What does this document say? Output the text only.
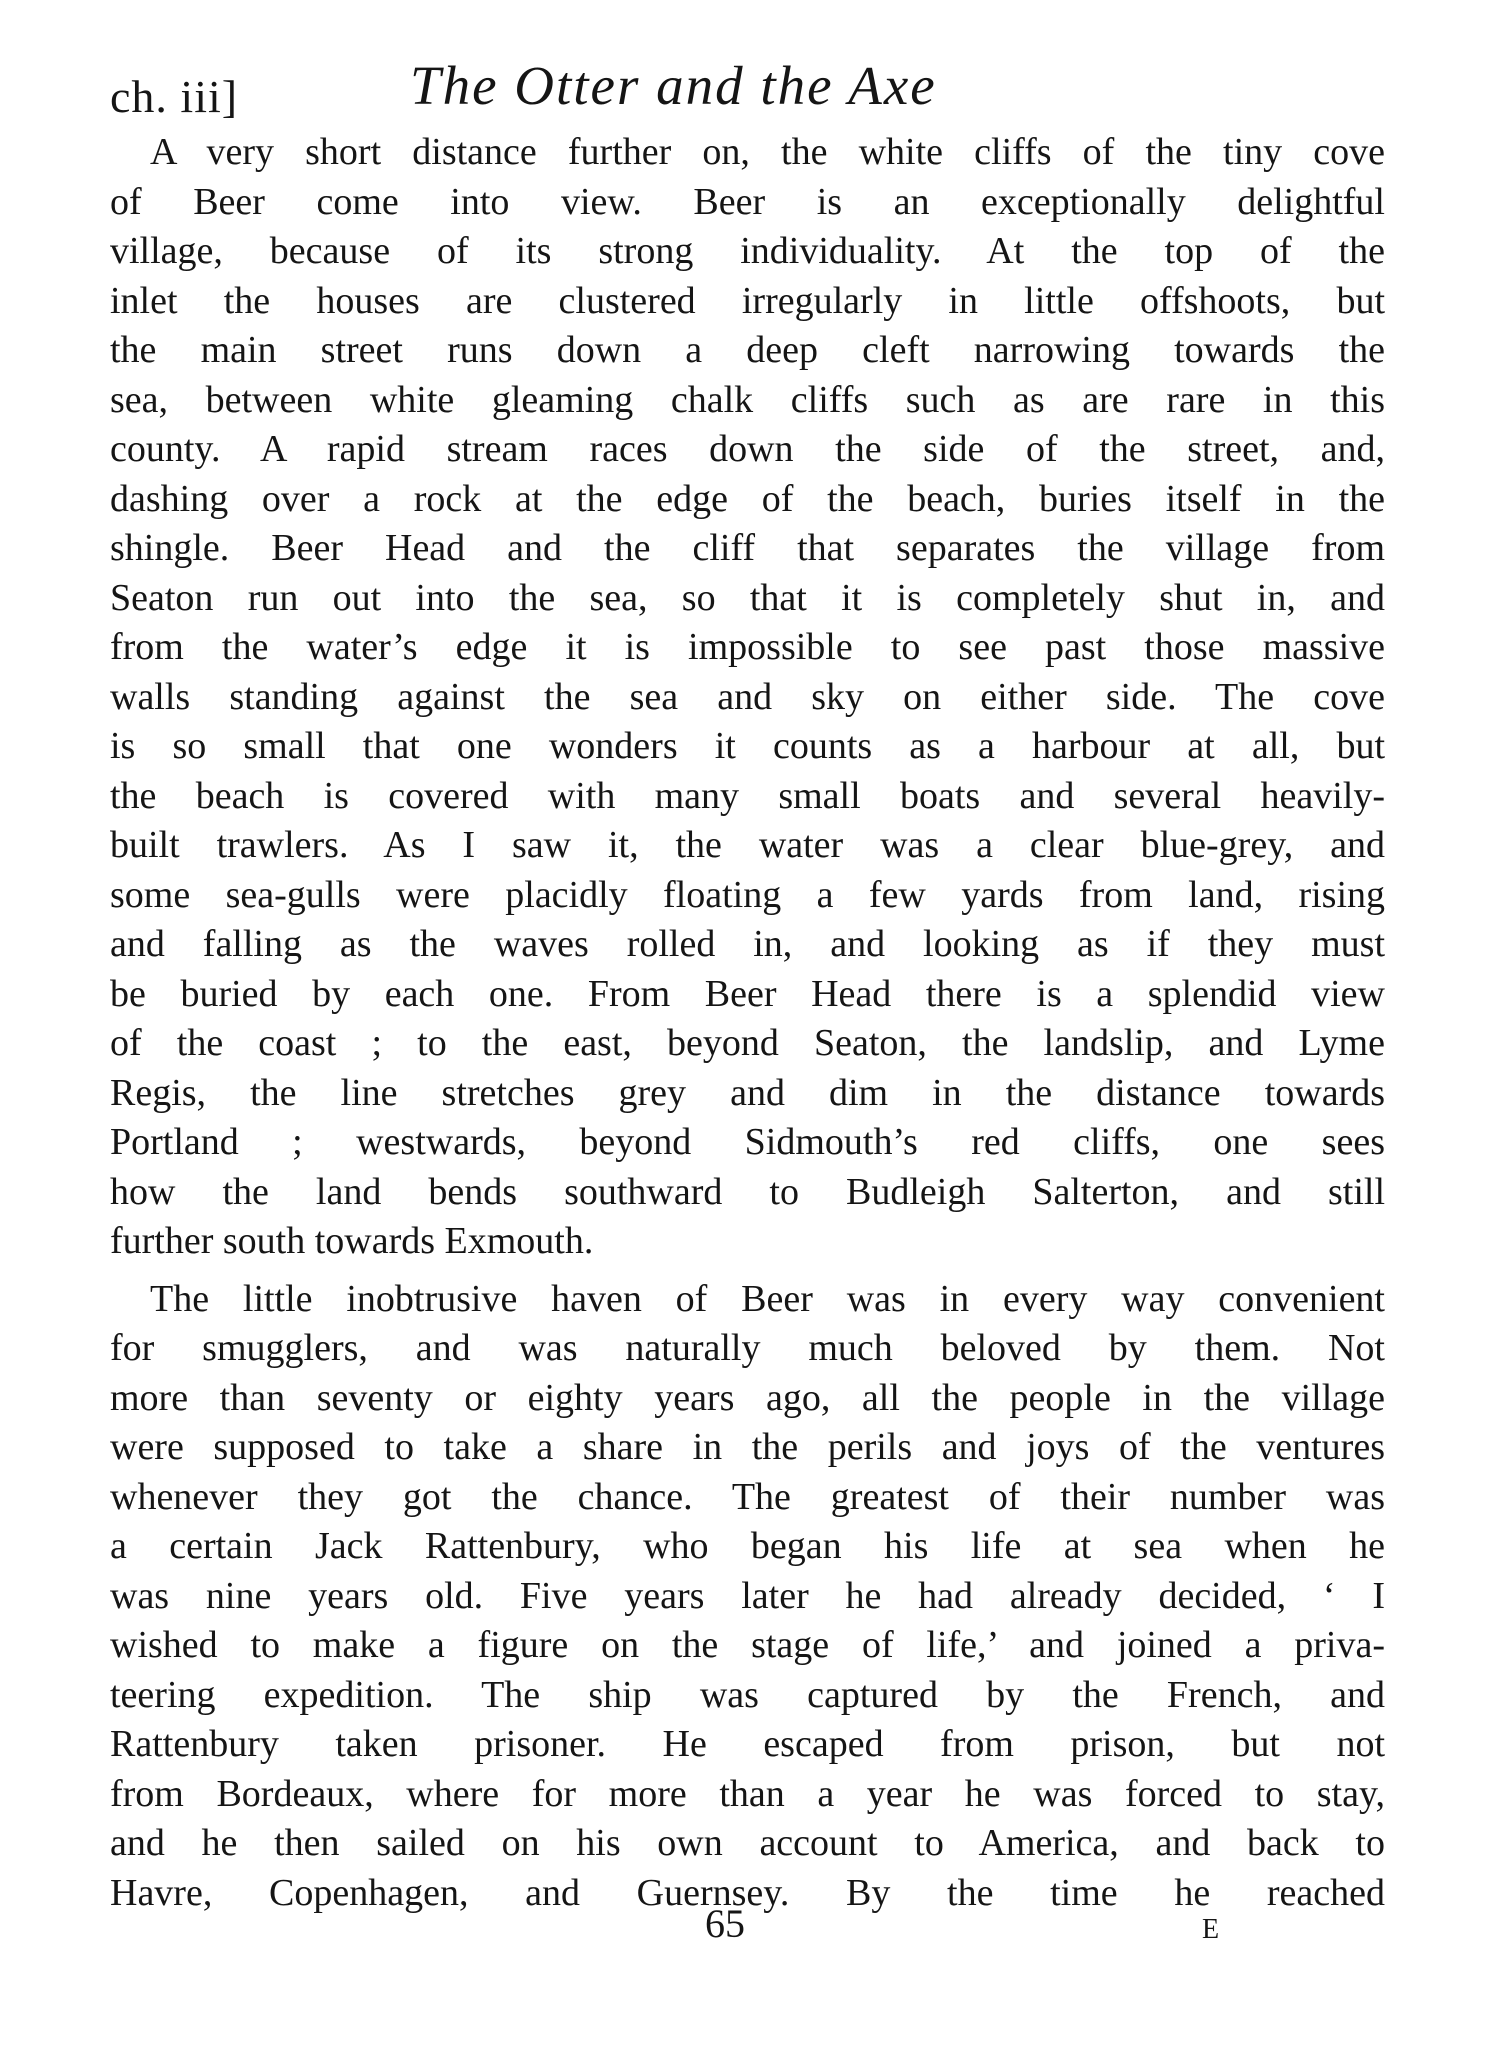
ch. iii]	The Otter and the Axe
A very short distance further on, the white cliffs of the tiny cove
of Beer come into view. Beer is an exceptionally delightful
village, because of its strong individuality. At the top of the
inlet the houses are clustered irregularly in little offshoots, but
the main street runs down a deep cleft narrowing towards the
sea, between white gleaming chalk cliffs such as are rare in this
county. A rapid stream races down the side of the street, and,
dashing over a rock at the edge of the beach, buries itself in the
shingle. Beer Head and the cliff that separates the village from
Seaton run out into the sea, so that it is completely shut in, and
from the water’s edge it is impossible to see past those massive
walls standing against the sea and sky on either side. The cove
is so small that one wonders it counts as a harbour at all, but
the beach is covered with many small boats and several heavily-
built trawlers. As I saw it, the water was a clear blue-grey, and
some sea-gulls were placidly floating a few yards from land, rising
and falling as the waves rolled in, and looking as if they must
be buried by each one. From Beer Head there is a splendid view
of the coast ; to the east, beyond Seaton, the landslip, and Lyme
Regis, the line stretches grey and dim in the distance towards
Portland ; westwards, beyond Sidmouth’s red cliffs, one sees
how the land bends southward to Budleigh Salterton, and still
further south towards Exmouth.
The little inobtrusive haven of Beer was in every way convenient
for smugglers, and was naturally much beloved by them. Not
more than seventy or eighty years ago, all the people in the village
were supposed to take a share in the perils and joys of the ventures
whenever they got the chance. The greatest of their number was
a certain Jack Rattenbury, who began his life at sea when he
was nine years old. Five years later he had already decided, ‘ I
wished to make a figure on the stage of life,’ and joined a priva-
teering expedition. The ship was captured by the French, and
Rattenbury taken prisoner. He escaped from prison, but not
from Bordeaux, where for more than a year he was forced to stay,
and he then sailed on his own account to America, and back to
Havre, Copenhagen, and Guernsey. By the time he reached
65	E
